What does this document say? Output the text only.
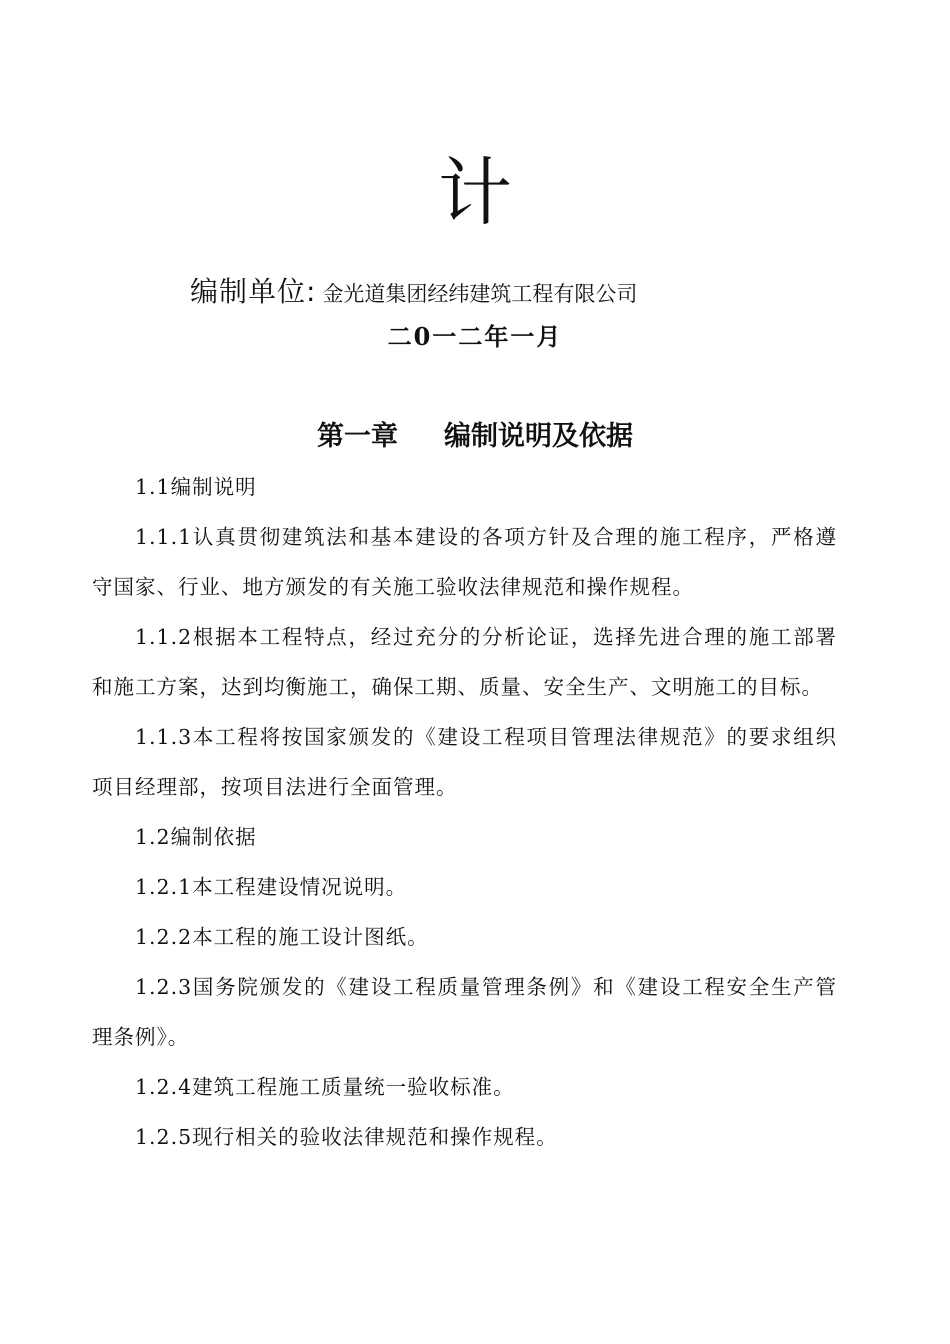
计
编制单位: 金光道集团经纬建筑工程有限公司
二0一二年一月
第一章 编制说明及依据

1.1编制说明

1.1.1认真贯彻建筑法和基本建设的各项方针及合理的施工程序，严格遵守国家、行业、地方颁发的有关施工验收法律规范和操作规程。

1.1.2根据本工程特点，经过充分的分析论证，选择先进合理的施工部署和施工方案，达到均衡施工，确保工期、质量、安全生产、文明施工的目标。

1.1.3本工程将按国家颁发的《建设工程项目管理法律规范》的要求组织项目经理部，按项目法进行全面管理。

1.2编制依据

1.2.1本工程建设情况说明。

1.2.2本工程的施工设计图纸。

1.2.3国务院颁发的《建设工程质量管理条例》和《建设工程安全生产管理条例》。

1.2.4建筑工程施工质量统一验收标准。

1.2.5现行相关的验收法律规范和操作规程。
